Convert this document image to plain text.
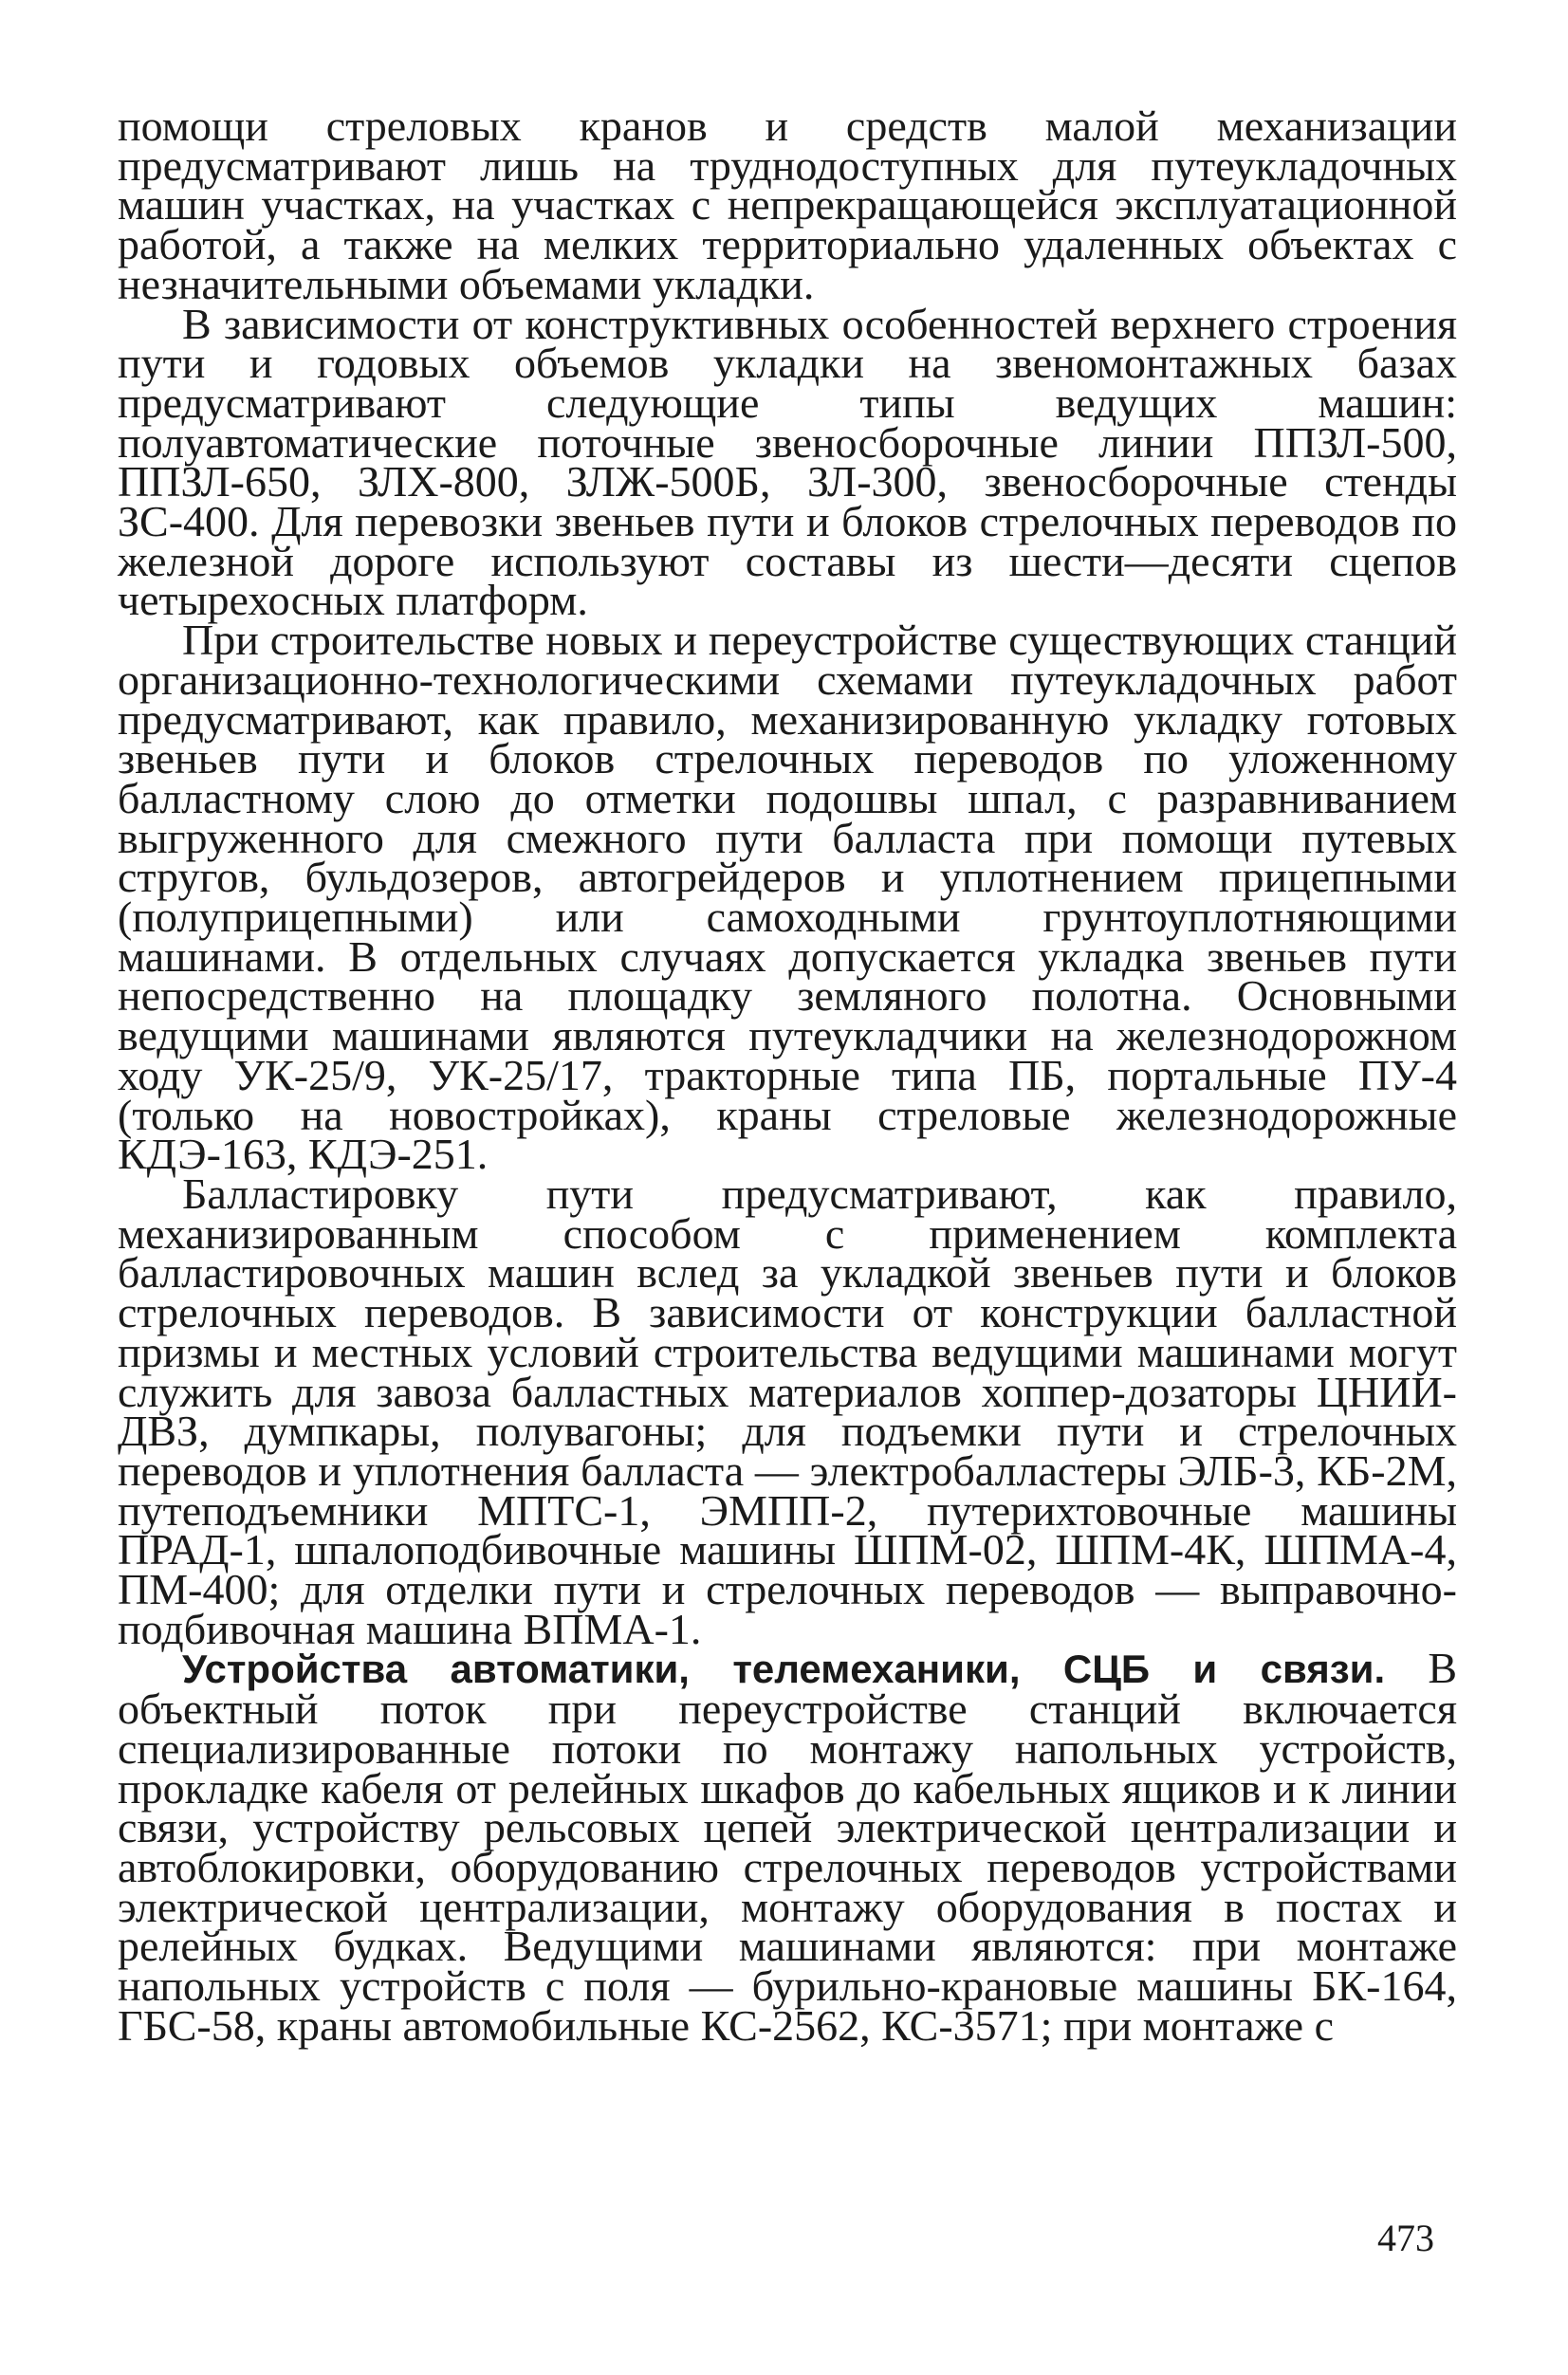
помощи стреловых кранов и средств малой механизации предусматривают лишь на труднодоступных для путеукладочных машин участках, на участках с непрекращающейся эксплуатационной работой, а также на мелких территориально удаленных объектах с незначительными объемами укладки.

В зависимости от конструктивных особенностей верхнего строения пути и годовых объемов укладки на звеномонтажных базах предусматривают следующие типы ведущих машин: полуавтоматические поточные звеносборочные линии ППЗЛ-500, ППЗЛ-650, ЗЛХ-800, ЗЛЖ-500Б, ЗЛ-300, звеносборочные стенды ЗС-400. Для перевозки звеньев пути и блоков стрелочных переводов по железной дороге используют составы из шести—десяти сцепов четырехосных платформ.

При строительстве новых и переустройстве существующих станций организационно-технологическими схемами путеукладочных работ предусматривают, как правило, механизированную укладку готовых звеньев пути и блоков стрелочных переводов по уложенному балластному слою до отметки подошвы шпал, с разравниванием выгруженного для смежного пути балласта при помощи путевых стругов, бульдозеров, автогрейдеров и уплотнением прицепными (полуприцепными) или самоходными грунтоуплотняющими машинами. В отдельных случаях допускается укладка звеньев пути непосредственно на площадку земляного полотна. Основными ведущими машинами являются путеукладчики на железнодорожном ходу УК-25/9, УК-25/17, тракторные типа ПБ, портальные ПУ-4 (только на новостройках), краны стреловые железнодорожные КДЭ-163, КДЭ-251.

Балластировку пути предусматривают, как правило, механизированным способом с применением комплекта балластировочных машин вслед за укладкой звеньев пути и блоков стрелочных переводов. В зависимости от конструкции балластной призмы и местных условий строительства ведущими машинами могут служить для завоза балластных материалов хоппер-дозаторы ЦНИИ-ДВЗ, думпкары, полувагоны; для подъемки пути и стрелочных переводов и уплотнения балласта — электробалластеры ЭЛБ-3, КБ-2М, путеподъемники МПТС-1, ЭМПП-2, путерихтовочные машины ПРАД-1, шпалоподбивочные машины ШПМ-02, ШПМ-4К, ШПМА-4, ПМ-400; для отделки пути и стрелочных переводов — выправочно-подбивочная машина ВПМА-1.

Устройства автоматики, телемеханики, СЦБ и связи. В объектный поток при переустройстве станций включается специализированные потоки по монтажу напольных устройств, прокладке кабеля от релейных шкафов до кабельных ящиков и к линии связи, устройству рельсовых цепей электрической централизации и автоблокировки, оборудованию стрелочных переводов устройствами электрической централизации, монтажу оборудования в постах и релейных будках. Ведущими машинами являются: при монтаже напольных устройств с поля — бурильно-крановые машины БК-164, ГБС-58, краны автомобильные КС-2562, КС-3571; при монтаже с

473
